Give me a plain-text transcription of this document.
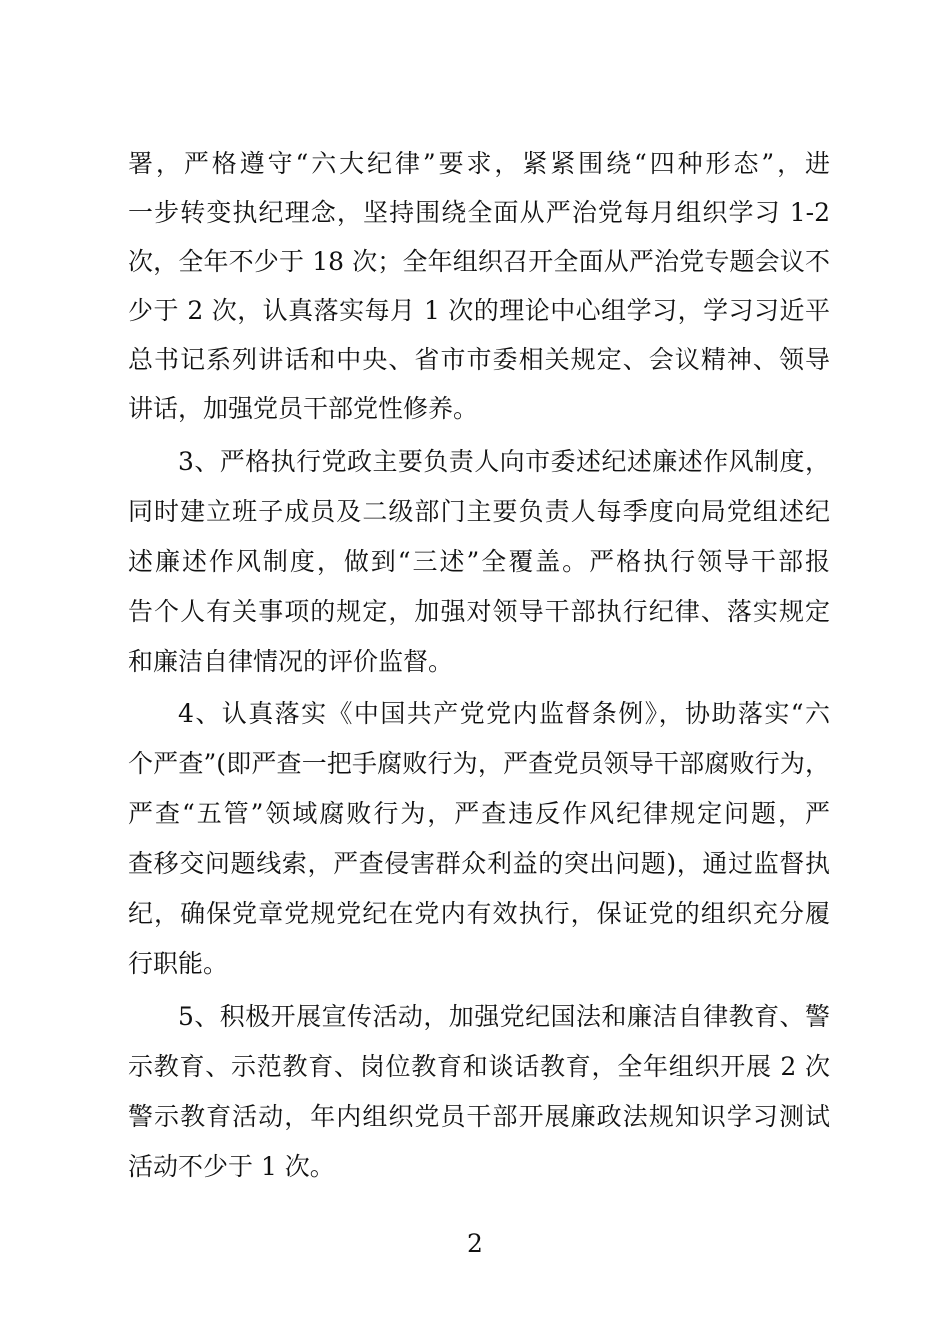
署，严格遵守“六大纪律”要求，紧紧围绕“四种形态”，进
一步转变执纪理念，坚持围绕全面从严治党每月组织学习 1-2
次，全年不少于 18 次；全年组织召开全面从严治党专题会议不
少于 2 次，认真落实每月 1 次的理论中心组学习，学习习近平
总书记系列讲话和中央、省市市委相关规定、会议精神、领导
讲话，加强党员干部党性修养。
3、严格执行党政主要负责人向市委述纪述廉述作风制度，
同时建立班子成员及二级部门主要负责人每季度向局党组述纪
述廉述作风制度，做到“三述”全覆盖。严格执行领导干部报
告个人有关事项的规定，加强对领导干部执行纪律、落实规定
和廉洁自律情况的评价监督。
4、认真落实《中国共产党党内监督条例》，协助落实“六
个严查”(即严查一把手腐败行为，严查党员领导干部腐败行为，
严查“五管”领域腐败行为，严查违反作风纪律规定问题，严
查移交问题线索，严查侵害群众利益的突出问题)，通过监督执
纪，确保党章党规党纪在党内有效执行，保证党的组织充分履
行职能。
5、积极开展宣传活动，加强党纪国法和廉洁自律教育、警
示教育、示范教育、岗位教育和谈话教育，全年组织开展 2 次
警示教育活动，年内组织党员干部开展廉政法规知识学习测试
活动不少于 1 次。
2
